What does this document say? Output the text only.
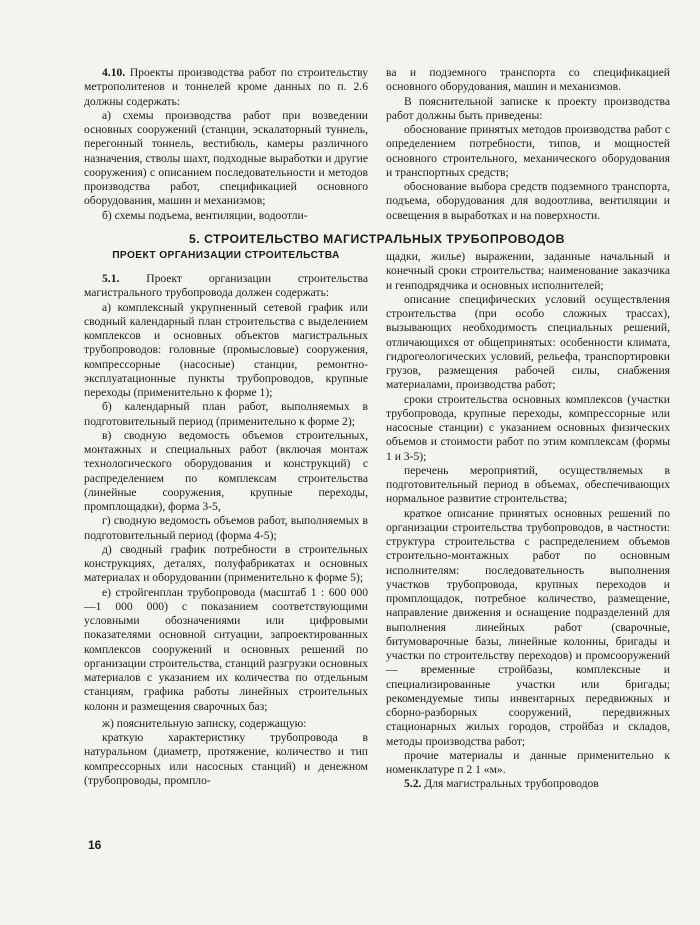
4.10. Проекты производства работ по строительству метрополитенов и тоннелей кроме данных по п. 2.6 должны содержать:

а) схемы производства работ при возведении основных сооружений (станции, эскалаторный туннель, перегонный тоннель, вестибюль, камеры различного назначения, стволы шахт, подходные выработки и другие сооружения) с описанием последовательности и методов производства работ, спецификацией основного оборудования, машин и механизмов;

б) схемы подъема, вентиляции, водоотли-

ва и подземного транспорта со спецификацией основного оборудования, машин и механизмов.

В пояснительной записке к проекту производства работ должны быть приведены:

обоснование принятых методов производства работ с определением потребности, типов, и мощностей основного строительного, механического оборудования и транспортных средств;

обоснование выбора средств подземного транспорта, подъема, оборудования для водоотлива, вентиляции и освещения в выработках и на поверхности.

5. СТРОИТЕЛЬСТВО МАГИСТРАЛЬНЫХ ТРУБОПРОВОДОВ
ПРОЕКТ ОРГАНИЗАЦИИ СТРОИТЕЛЬСТВА

5.1. Проект организации строительства магистрального трубопровода должен содержать:

а) комплексный укрупненный сетевой график или сводный календарный план строительства с выделением комплексов и основных объектов магистральных трубопроводов: головные (промысловые) сооружения, компрессорные (насосные) станции, ремонтно-эксплуатационные пункты трубопроводов, крупные переходы (применительно к форме 1);

б) календарный план работ, выполняемых в подготовительный период (применительно к форме 2);

в) сводную ведомость объемов строительных, монтажных и специальных работ (включая монтаж технологического оборудования и конструкций) с распределением по комплексам строительства (линейные сооружения, крупные переходы, промплощадки), форма 3-5,

г) сводную ведомость объемов работ, выполняемых в подготовительный период (форма 4-5);

д) сводный график потребности в строительных конструкциях, деталях, полуфабрикатах и основных материалах и оборудовании (применительно к форме 5);

е) стройгенплан трубопровода (масштаб 1 : 600 000—1 000 000) с показанием соответствующими условными обозначениями или цифровыми показателями основной ситуации, запроектированных комплексов сооружений и основных решений по организации строительства, станций разгрузки основных материалов с указанием их количества по отдельным станциям, графика работы линейных строительных колонн и размещения сварочных баз;

ж) пояснительную записку, содержащую:

краткую характеристику трубопровода в натуральном (диаметр, протяжение, количество и тип компрессорных или насосных станций) и денежном (трубопроводы, промпло-

щадки, жилье) выражении, заданные начальный и конечный сроки строительства; наименование заказчика и генподрядчика и основных исполнителей;

описание специфических условий осуществления строительства (при особо сложных трассах), вызывающих необходимость специальных решений, отличающихся от общепринятых: особенности климата, гидрогеологических условий, рельефа, транспортировки грузов, размещения рабочей силы, снабжения материалами, производства работ;

сроки строительства основных комплексов (участки трубопровода, крупные переходы, компрессорные или насосные станции) с указанием основных физических объемов и стоимости работ по этим комплексам (формы 1 и 3-5);

перечень мероприятий, осуществляемых в подготовительный период в объемах, обеспечивающих нормальное развитие строительства;

краткое описание принятых основных решений по организации строительства трубопроводов, в частности: структура строительства с распределением объемов строительно-монтажных работ по основным исполнителям: последовательность выполнения участков трубопровода, крупных переходов и промплощадок, потребное количество, размещение, направление движения и оснащение подразделений для выполнения линейных работ (сварочные, битумоварочные базы, линейные колонны, бригады и участки по строительству переходов) и промсооружений — временные стройбазы, комплексные и специализированные участки или бригады; рекомендуемые типы инвентарных передвижных и сборно-разборных сооружений, передвижных стационарных жилых городов, стройбаз и складов, методы производства работ;

прочие материалы и данные применительно к номенклатуре п 2 1 «м».

5.2. Для магистральных трубопроводов

16
